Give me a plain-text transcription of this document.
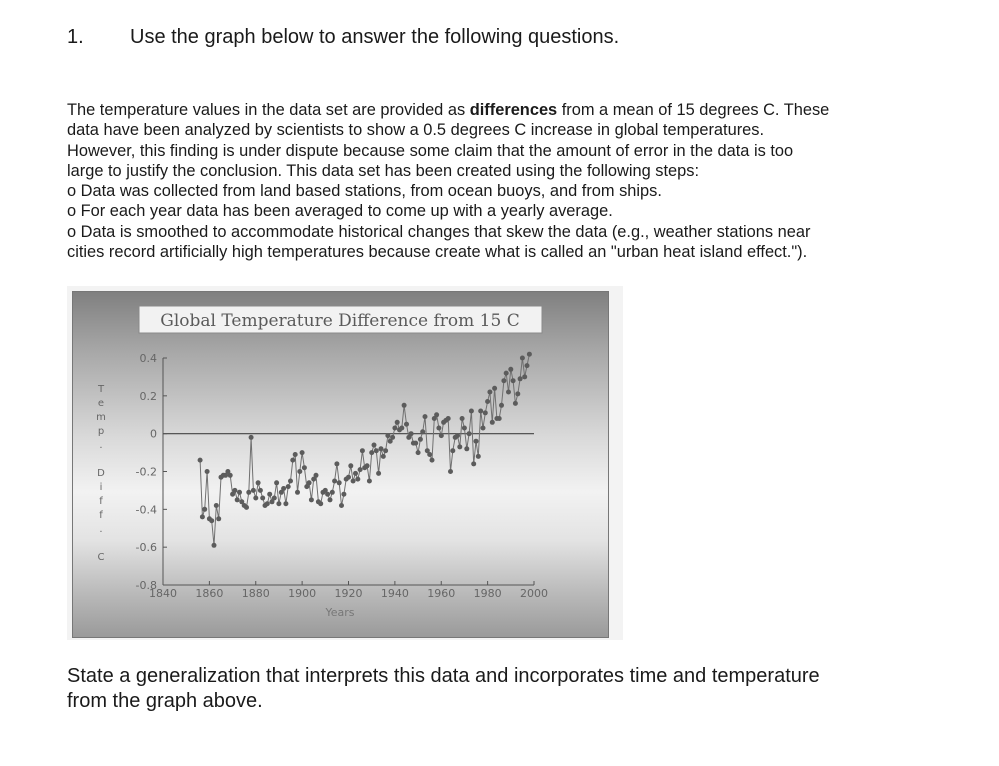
1. Use the graph below to answer the following questions.
The temperature values in the data set are provided as differences from a mean of 15 degrees C. These
data have been analyzed by scientists to show a 0.5 degrees C increase in global temperatures.
However, this finding is under dispute because some claim that the amount of error in the data is too
large to justify the conclusion. This data set has been created using the following steps:
o Data was collected from land based stations, from ocean buoys, and from ships.
o For each year data has been averaged to come up with a yearly average.
o Data is smoothed to accommodate historical changes that skew the data (e.g., weather stations near
cities record artificially high temperatures because create what is called an "urban heat island effect.").
Global Temperature Difference from 15 C
T e m p . D i f f . C
Years
0.4
0.2
0
-0.2
-0.4
-0.6
-0.8
1840 1860 1880 1900 1920 1940 1960 1980 2000
State a generalization that interprets this data and incorporates time and temperature
from the graph above.
